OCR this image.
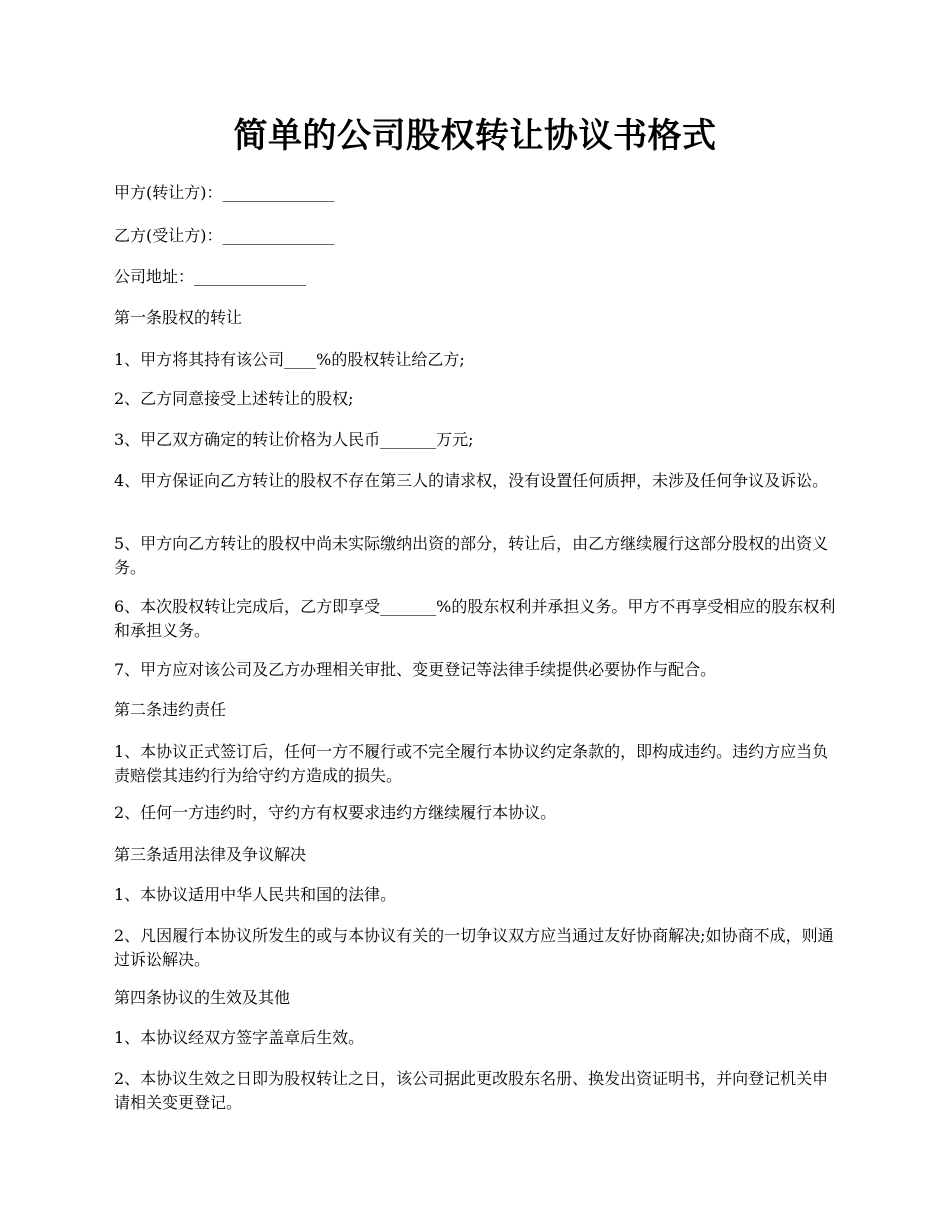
简单的公司股权转让协议书格式
甲方(转让方)：______________
乙方(受让方)：______________
公司地址：______________
第一条股权的转让
1、甲方将其持有该公司____%的股权转让给乙方;
2、乙方同意接受上述转让的股权;
3、甲乙双方确定的转让价格为人民币_______万元;
4、甲方保证向乙方转让的股权不存在第三人的请求权，没有设置任何质押，未涉及任何争议及诉讼。
5、甲方向乙方转让的股权中尚未实际缴纳出资的部分，转让后，由乙方继续履行这部分股权的出资义务。
6、本次股权转让完成后，乙方即享受_______%的股东权利并承担义务。甲方不再享受相应的股东权利和承担义务。
7、甲方应对该公司及乙方办理相关审批、变更登记等法律手续提供必要协作与配合。
第二条违约责任
1、本协议正式签订后，任何一方不履行或不完全履行本协议约定条款的，即构成违约。违约方应当负责赔偿其违约行为给守约方造成的损失。
2、任何一方违约时，守约方有权要求违约方继续履行本协议。
第三条适用法律及争议解决
1、本协议适用中华人民共和国的法律。
2、凡因履行本协议所发生的或与本协议有关的一切争议双方应当通过友好协商解决;如协商不成，则通过诉讼解决。
第四条协议的生效及其他
1、本协议经双方签字盖章后生效。
2、本协议生效之日即为股权转让之日，该公司据此更改股东名册、换发出资证明书，并向登记机关申请相关变更登记。
